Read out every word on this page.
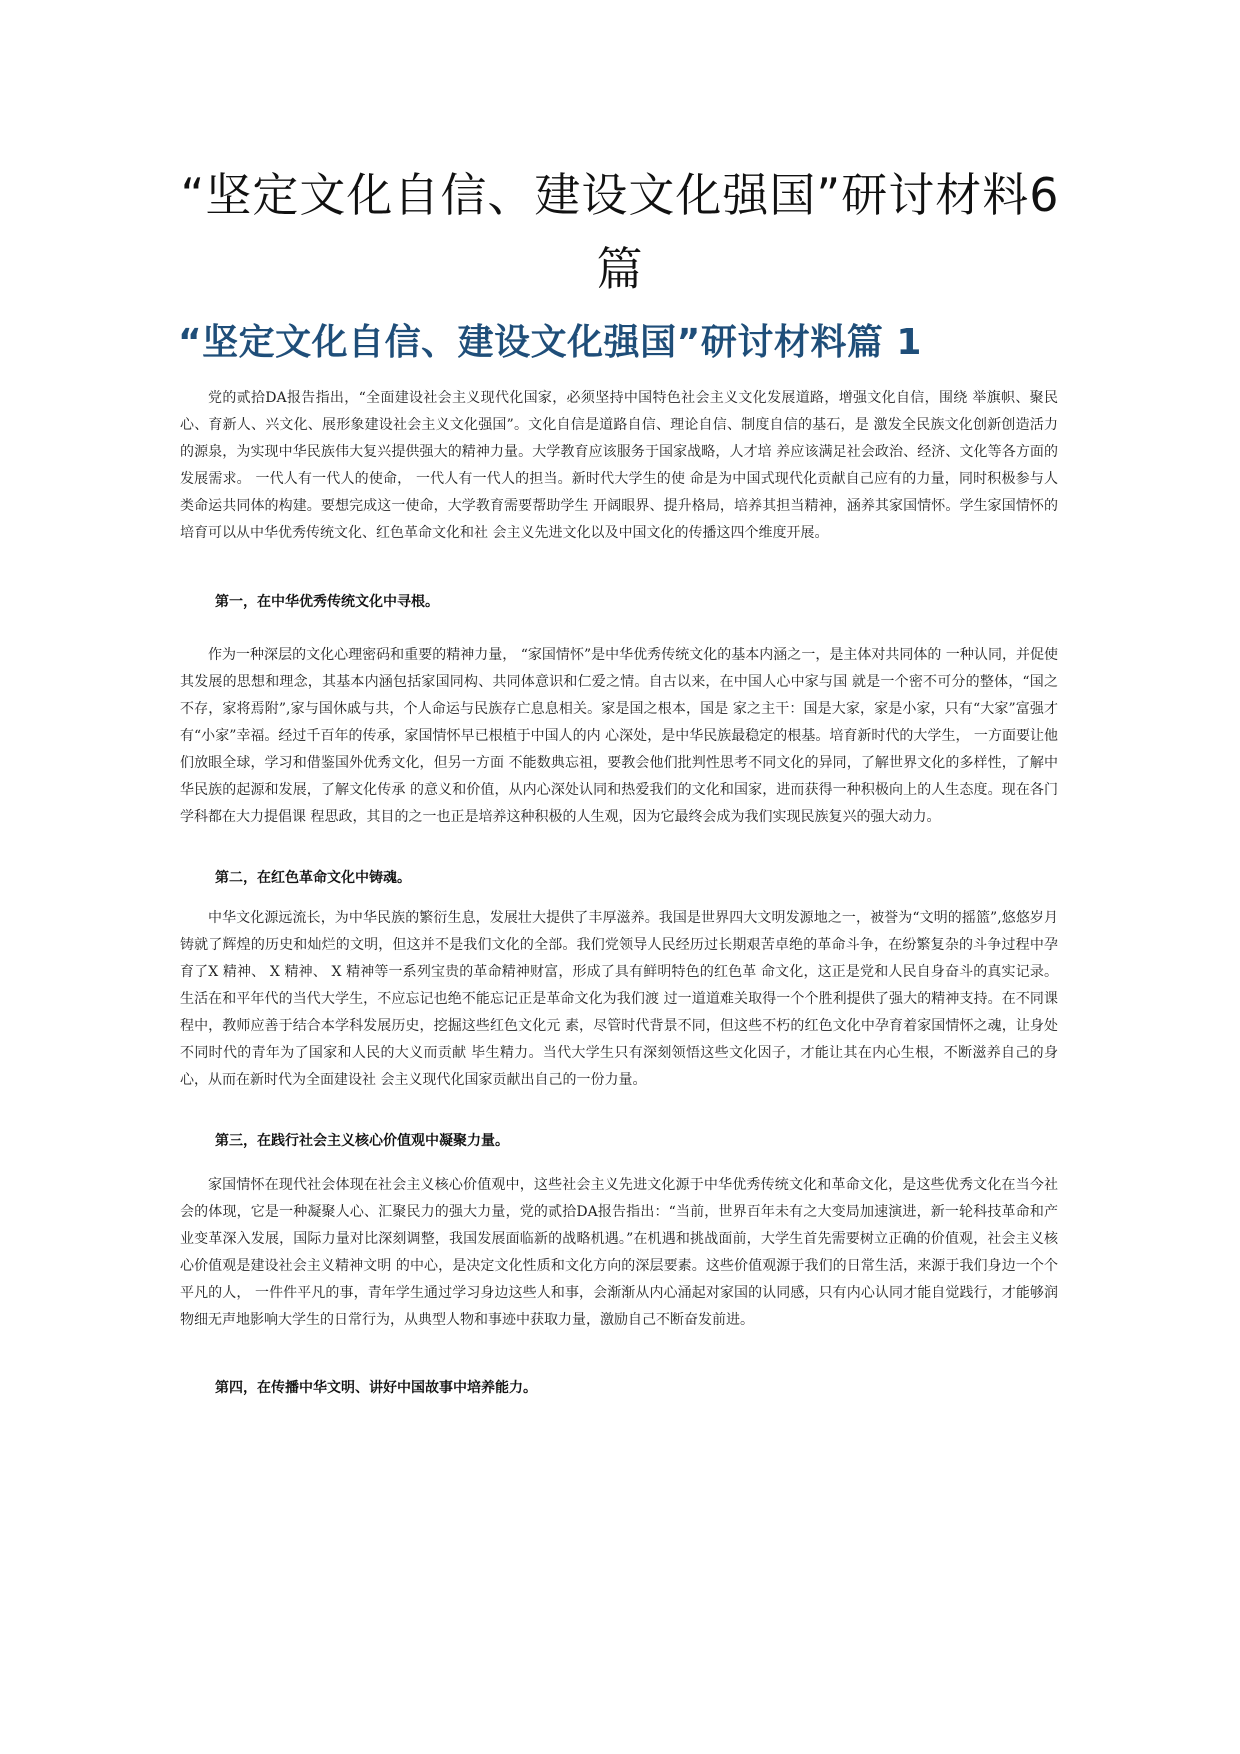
“坚定文化自信、建设文化强国”研讨材料6篇
“坚定文化自信、建设文化强国”研讨材料篇 1

党的贰拾DA报告指出，“全面建设社会主义现代化国家，必须坚持中国特色社会主义文化发展道路，增强文化自信，围绕 举旗帜、聚民心、育新人、兴文化、展形象建设社会主义文化强国”。文化自信是道路自信、理论自信、制度自信的基石，是 激发全民族文化创新创造活力的源泉，为实现中华民族伟大复兴提供强大的精神力量。大学教育应该服务于国家战略，人才培 养应该满足社会政治、经济、文化等各方面的发展需求。 一代人有一代人的使命， 一代人有一代人的担当。新时代大学生的使 命是为中国式现代化贡献自己应有的力量，同时积极参与人类命运共同体的构建。要想完成这一使命，大学教育需要帮助学生 开阔眼界、提升格局，培养其担当精神，涵养其家国情怀。学生家国情怀的培育可以从中华优秀传统文化、红色革命文化和社 会主义先进文化以及中国文化的传播这四个维度开展。

第一，在中华优秀传统文化中寻根。

作为一种深层的文化心理密码和重要的精神力量， “家国情怀”是中华优秀传统文化的基本内涵之一，是主体对共同体的 一种认同，并促使其发展的思想和理念，其基本内涵包括家国同构、共同体意识和仁爱之情。自古以来，在中国人心中家与国 就是一个密不可分的整体，“国之不存，家将焉附”,家与国休戚与共，个人命运与民族存亡息息相关。家是国之根本，国是 家之主干：国是大家，家是小家，只有“大家”富强才有“小家”幸福。经过千百年的传承，家国情怀早已根植于中国人的内 心深处，是中华民族最稳定的根基。培育新时代的大学生， 一方面要让他们放眼全球，学习和借鉴国外优秀文化，但另一方面 不能数典忘祖，要教会他们批判性思考不同文化的异同，了解世界文化的多样性，了解中华民族的起源和发展，了解文化传承 的意义和价值，从内心深处认同和热爱我们的文化和国家，进而获得一种积极向上的人生态度。现在各门学科都在大力提倡课 程思政，其目的之一也正是培养这种积极的人生观，因为它最终会成为我们实现民族复兴的强大动力。

第二，在红色革命文化中铸魂。

中华文化源远流长，为中华民族的繁衍生息，发展壮大提供了丰厚滋养。我国是世界四大文明发源地之一，被誉为“文明的摇篮”,悠悠岁月铸就了辉煌的历史和灿烂的文明，但这并不是我们文化的全部。我们党领导人民经历过长期艰苦卓绝的革命斗争，在纷繁复杂的斗争过程中孕育了X 精神、 X 精神、 X 精神等一系列宝贵的革命精神财富，形成了具有鲜明特色的红色革 命文化，这正是党和人民自身奋斗的真实记录。生活在和平年代的当代大学生，不应忘记也绝不能忘记正是革命文化为我们渡 过一道道难关取得一个个胜利提供了强大的精神支持。在不同课程中，教师应善于结合本学科发展历史，挖掘这些红色文化元 素，尽管时代背景不同，但这些不朽的红色文化中孕育着家国情怀之魂，让身处不同时代的青年为了国家和人民的大义而贡献 毕生精力。当代大学生只有深刻领悟这些文化因子，才能让其在内心生根，不断滋养自己的身心，从而在新时代为全面建设社 会主义现代化国家贡献出自己的一份力量。

第三，在践行社会主义核心价值观中凝聚力量。

家国情怀在现代社会体现在社会主义核心价值观中，这些社会主义先进文化源于中华优秀传统文化和革命文化，是这些优秀文化在当今社会的体现，它是一种凝聚人心、汇聚民力的强大力量，党的贰拾DA报告指出：“当前，世界百年未有之大变局加速演进，新一轮科技革命和产业变革深入发展，国际力量对比深刻调整，我国发展面临新的战略机遇。”在机遇和挑战面前，大学生首先需要树立正确的价值观，社会主义核心价值观是建设社会主义精神文明 的中心，是决定文化性质和文化方向的深层要素。这些价值观源于我们的日常生活，来源于我们身边一个个平凡的人， 一件件平凡的事，青年学生通过学习身边这些人和事，会渐渐从内心涌起对家国的认同感，只有内心认同才能自觉践行，才能够润物细无声地影响大学生的日常行为，从典型人物和事迹中获取力量，激励自己不断奋发前进。

第四，在传播中华文明、讲好中国故事中培养能力。
